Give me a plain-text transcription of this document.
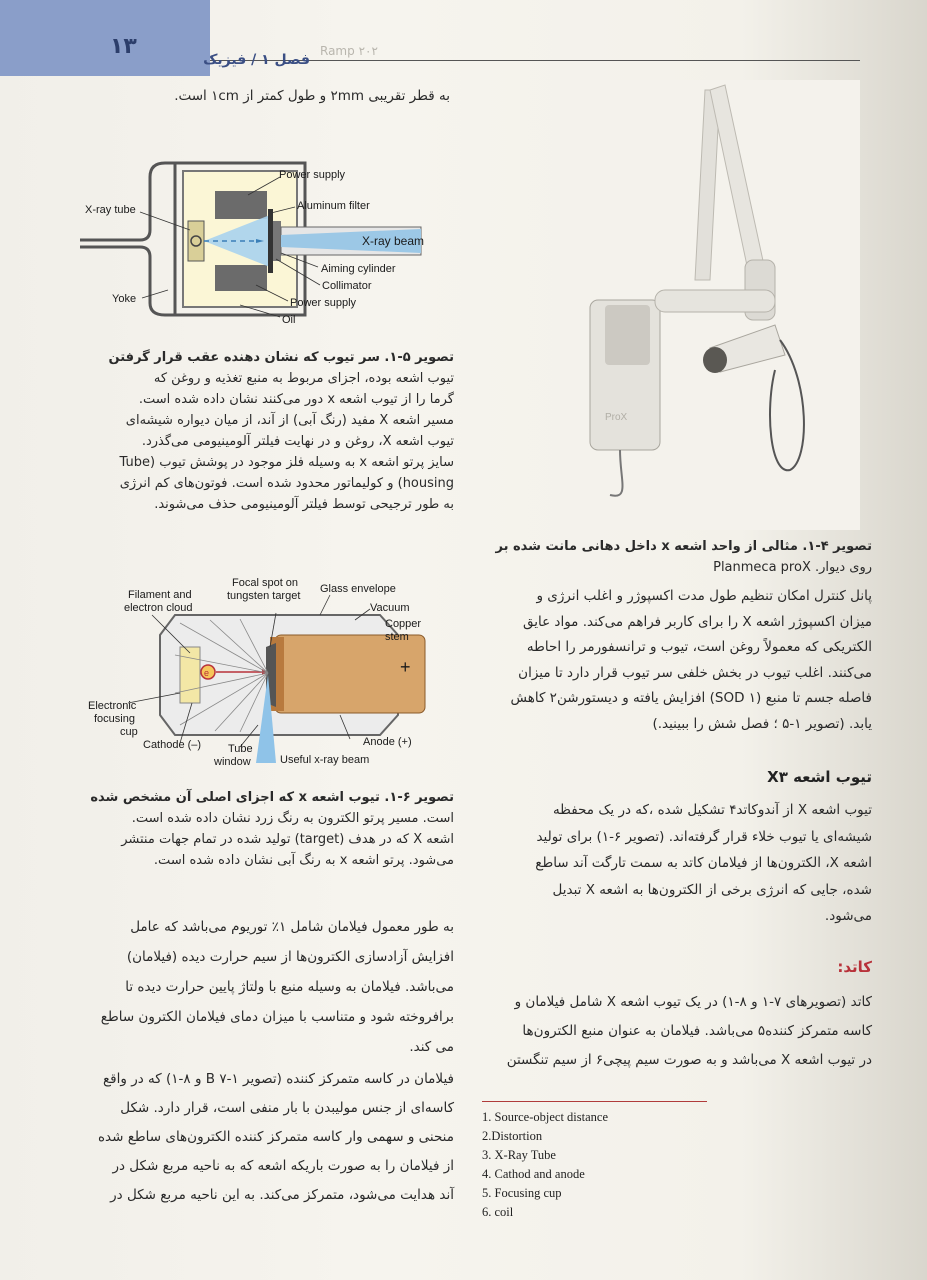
۱۳
فصل ۱ / فیزیک
۲۰۲ Ramp
به قطر تقریبی ۲mm و طول کمتر از ۱cm است.
Power supply
X-ray tube	Aluminum filter
X-ray beam
Aiming cylinder
Collimator
Yoke	Power supply
Oil
تصویر ۵-۱. سر تیوب که نشان دهنده عقب قرار گرفتن
تیوب اشعه بوده، اجزای مربوط به منبع تغذیه و روغن که
گرما را از تیوب اشعه x دور می‌کنند نشان داده شده است.
مسیر اشعه X مفید (رنگ آبی) از آند، از میان دیواره شیشه‌ای
تیوب اشعه X، روغن و در نهایت فیلتر آلومینیومی می‌گذرد.
سایز پرتو اشعه x به وسیله فلز موجود در پوشش تیوب (Tube
housing) و کولیماتور محدود شده است. فوتون‌های کم انرژی
به طور ترجیحی توسط فیلتر آلومینیومی حذف می‌شوند.
e	+
Focal spot on
tungsten target
Glass envelope
Filament and
electron cloud	Vacuum
Copper
stem
Electronic
focusing
cup
Cathode (–) Tube
window	Useful x-ray beam
Anode (+)
تصویر ۶-۱. تیوب اشعه x که اجزای اصلی آن مشخص شده
است. مسیر پرتو الکترون به رنگ زرد نشان داده شده است.
اشعه X که در هدف (target) تولید شده در تمام جهات منتشر
می‌شود. پرتو اشعه x به رنگ آبی نشان داده شده است.
به طور معمول فیلامان شامل ۱٪ توریوم می‌باشد که عامل
افزایش آزادسازی الکترون‌ها از سیم حرارت دیده (فیلامان)
می‌باشد. فیلامان به وسیله منبع با ولتاژ پایین حرارت دیده تا
برافروخته شود و متناسب با میزان دمای فیلامان الکترون ساطع
می کند.
فیلامان در کاسه متمرکز کننده (تصویر B ۷-۱ و ۸-۱) که در واقع
کاسه‌ای از جنس مولیبدن با بار منفی است، قرار دارد. شکل
منحنی و سهمی وار کاسه متمرکز کننده الکترون‌های ساطع شده
از فیلامان را به صورت باریکه اشعه که به ناحیه مربع شکل در
آند هدایت می‌شود، متمرکز می‌کند. به این ناحیه مربع شکل در
ProX
تصویر ۴-۱. مثالی از واحد اشعه x داخل دهانی مانت شده بر
روی دیوار. Planmeca proX
پانل کنترل امکان تنظیم طول مدت اکسپوژر و اغلب انرژی و
میزان اکسپوژر اشعه X را برای کاربر فراهم می‌کند. مواد عایق
الکتریکی که معمولاً روغن است، تیوب و ترانسفورمر را احاطه
می‌کنند. اغلب تیوب در بخش خلفی سر تیوب قرار دارد تا میزان
فاصله جسم تا منبع (SOD ۱) افزایش یافته و دیستورشن۲ کاهش
یابد. (تصویر ۱-۵ ؛ فصل شش را ببینید.)
تیوب اشعه X۳
تیوب اشعه X از آندوکاتد۴ تشکیل شده ،که در یک محفظه
شیشه‌ای یا تیوب خلاء قرار گرفته‌اند. (تصویر ۶-۱) برای تولید
اشعه X، الکترون‌ها از فیلامان کاتد به سمت تارگت آند ساطع
شده، جایی که انرژی برخی از الکترون‌ها به اشعه X تبدیل
می‌شود.
کاتد:
کاتد (تصویرهای ۷-۱ و ۸-۱) در یک تیوب اشعه X شامل فیلامان و
کاسه متمرکز کننده۵ می‌باشد. فیلامان به عنوان منبع الکترون‌ها
در تیوب اشعه X می‌باشد و به صورت سیم پیچی۶ از سیم تنگستن
1. Source-object distance
2.Distortion
3. X-Ray Tube
4. Cathod and anode
5. Focusing cup
6. coil
